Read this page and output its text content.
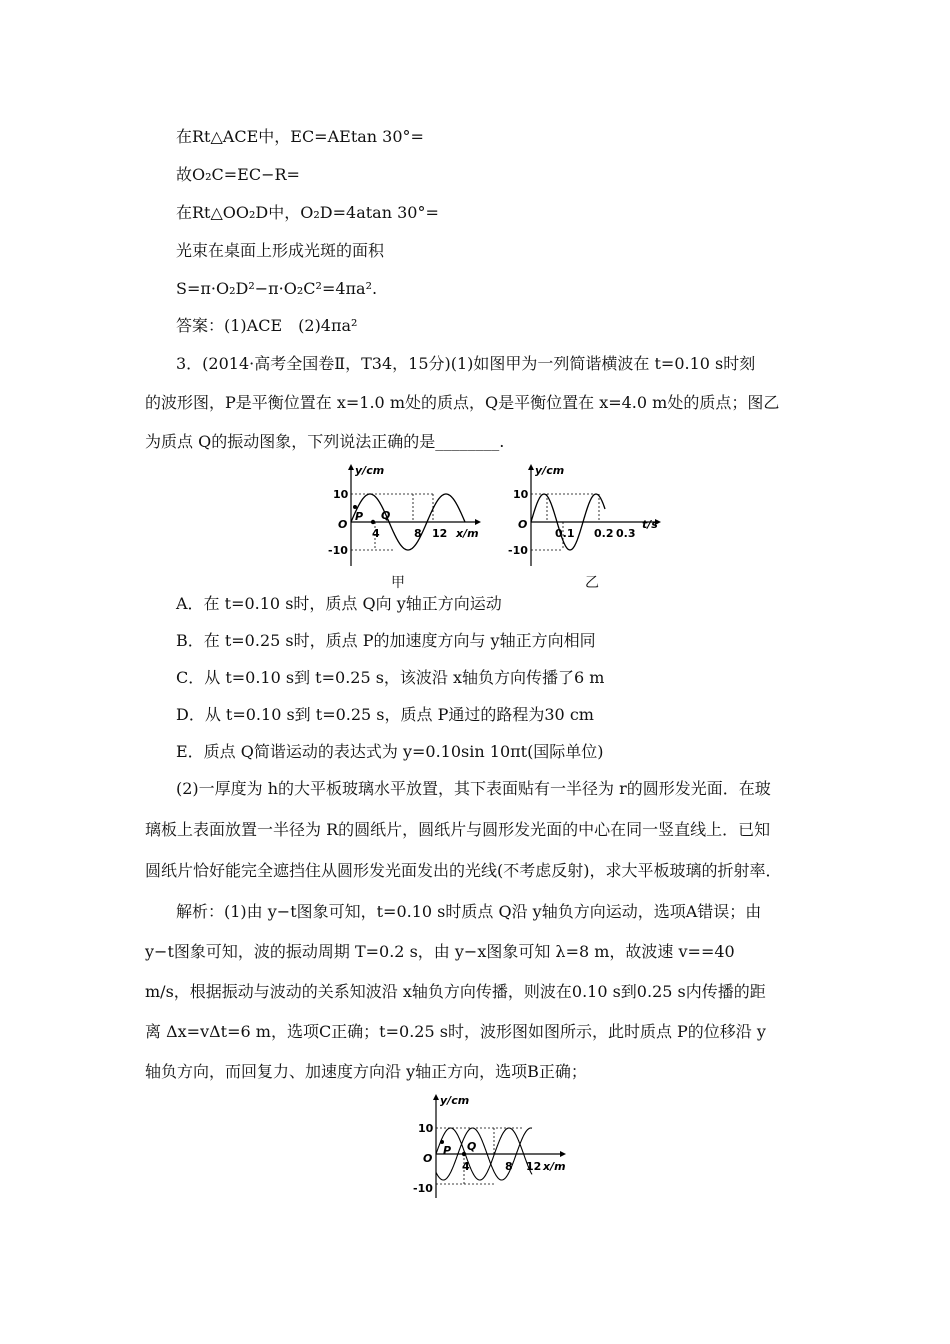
在Rt△ACE中，EC=AEtan 30°=
故O₂C=EC−R=
在Rt△OO₂D中，O₂D=4atan 30°=
光束在桌面上形成光斑的面积
S=π·O₂D²−π·O₂C²=4πa².
答案：(1)ACE　(2)4πa²
3．(2014·高考全国卷Ⅱ，T34，15分)(1)如图甲为一列简谐横波在 t=0.10 s时刻
的波形图，P是平衡位置在 x=1.0 m处的质点，Q是平衡位置在 x=4.0 m处的质点；图乙
为质点 Q的振动图象，下列说法正确的是________.
y/cm
10
-10
O
P Q
4	8 12 x/m
甲
y/cm
10
-10
O
0.1 0.2 0.3
t/s
乙
A．在 t=0.10 s时，质点 Q向 y轴正方向运动
B．在 t=0.25 s时，质点 P的加速度方向与 y轴正方向相同
C．从 t=0.10 s到 t=0.25 s，该波沿 x轴负方向传播了6 m
D．从 t=0.10 s到 t=0.25 s，质点 P通过的路程为30 cm
E．质点 Q简谐运动的表达式为 y=0.10sin 10πt(国际单位)
(2)一厚度为 h的大平板玻璃水平放置，其下表面贴有一半径为 r的圆形发光面．在玻
璃板上表面放置一半径为 R的圆纸片，圆纸片与圆形发光面的中心在同一竖直线上．已知
圆纸片恰好能完全遮挡住从圆形发光面发出的光线(不考虑反射)，求大平板玻璃的折射率．
解析：(1)由 y−t图象可知，t=0.10 s时质点 Q沿 y轴负方向运动，选项A错误；由
y−t图象可知，波的振动周期 T=0.2 s，由 y−x图象可知 λ=8 m，故波速 v==40
m/s，根据振动与波动的关系知波沿 x轴负方向传播，则波在0.10 s到0.25 s内传播的距
离 Δx=vΔt=6 m，选项C正确；t=0.25 s时，波形图如图所示，此时质点 P的位移沿 y
轴负方向，而回复力、加速度方向沿 y轴正方向，选项B正确；
y/cm
10
-10
O
P Q
4	8 12 x/m
